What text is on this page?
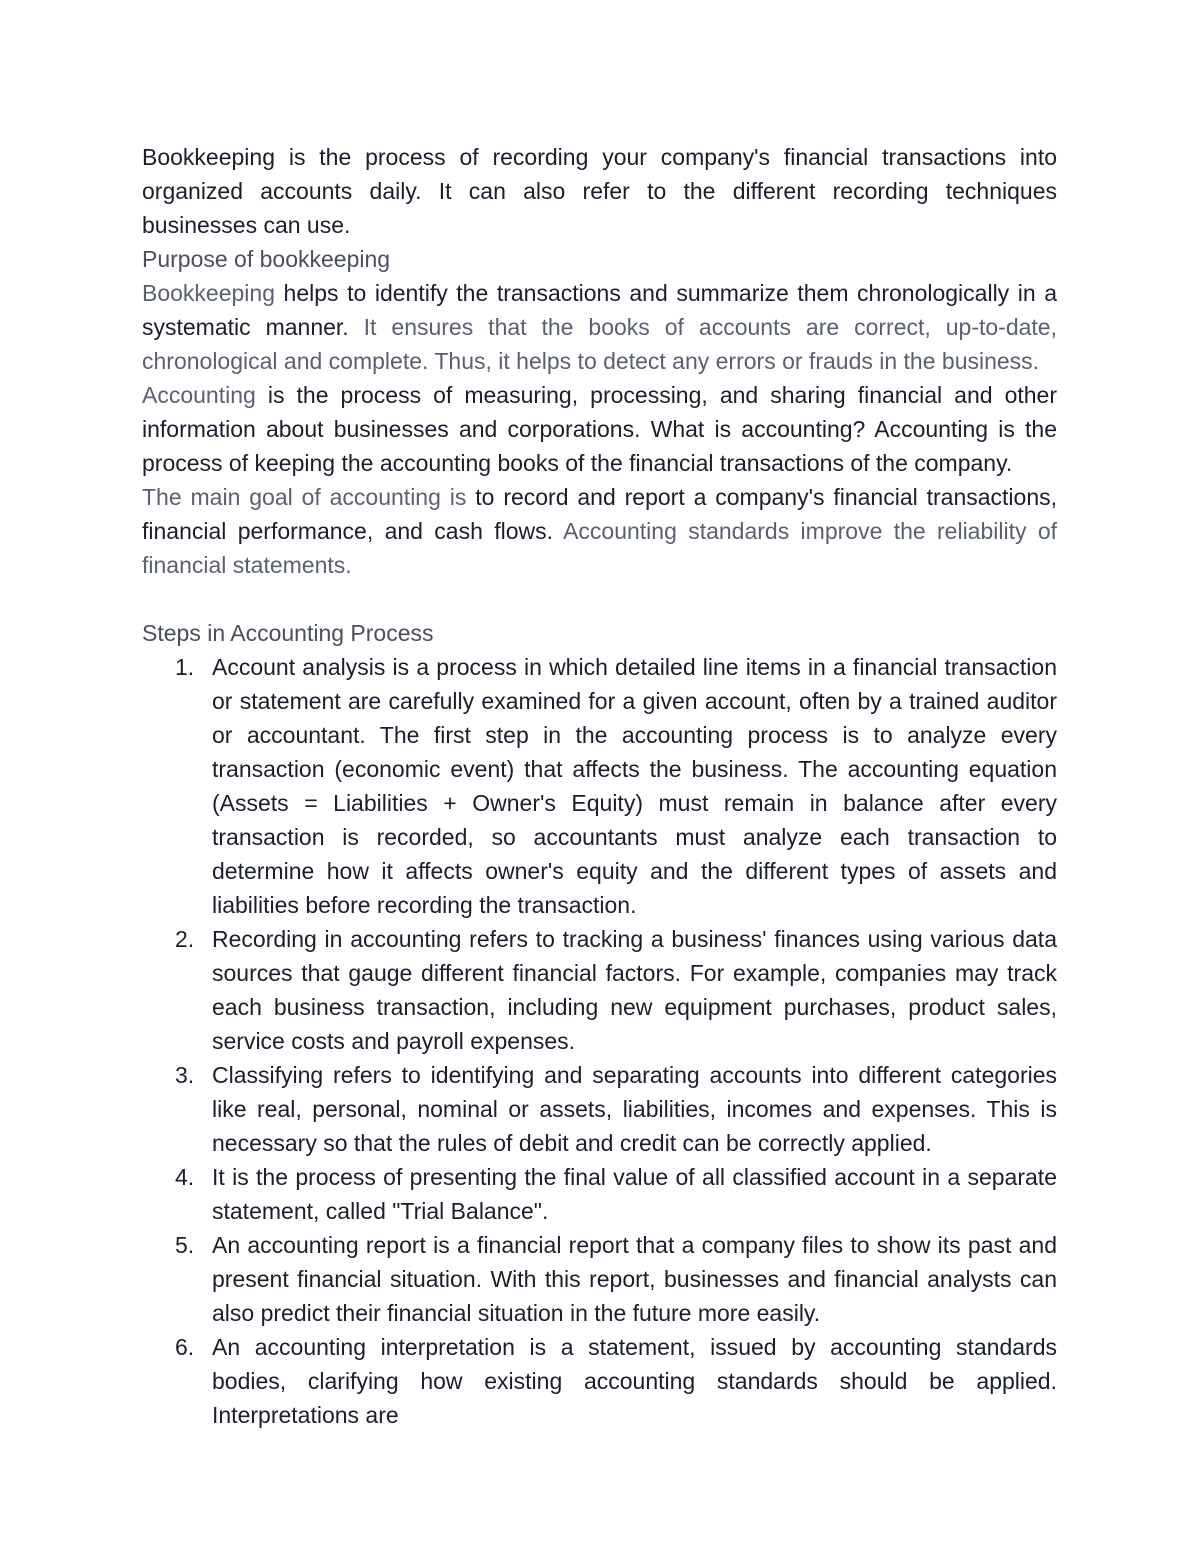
Bookkeeping is the process of recording your company's financial transactions into organized accounts daily. It can also refer to the different recording techniques businesses can use.

Purpose of bookkeeping

Bookkeeping helps to identify the transactions and summarize them chronologically in a systematic manner. It ensures that the books of accounts are correct, up-to-date, chronological and complete. Thus, it helps to detect any errors or frauds in the business.

Accounting is the process of measuring, processing, and sharing financial and other information about businesses and corporations. What is accounting? Accounting is the process of keeping the accounting books of the financial transactions of the company.

The main goal of accounting is to record and report a company's financial transactions, financial performance, and cash flows. Accounting standards improve the reliability of financial statements.

Steps in Accounting Process

1. Account analysis is a process in which detailed line items in a financial transaction or statement are carefully examined for a given account, often by a trained auditor or accountant. The first step in the accounting process is to analyze every transaction (economic event) that affects the business. The accounting equation (Assets = Liabilities + Owner's Equity) must remain in balance after every transaction is recorded, so accountants must analyze each transaction to determine how it affects owner's equity and the different types of assets and liabilities before recording the transaction.
2. Recording in accounting refers to tracking a business' finances using various data sources that gauge different financial factors. For example, companies may track each business transaction, including new equipment purchases, product sales, service costs and payroll expenses.
3. Classifying refers to identifying and separating accounts into different categories like real, personal, nominal or assets, liabilities, incomes and expenses. This is necessary so that the rules of debit and credit can be correctly applied.
4. It is the process of presenting the final value of all classified account in a separate statement, called "Trial Balance".
5. An accounting report is a financial report that a company files to show its past and present financial situation. With this report, businesses and financial analysts can also predict their financial situation in the future more easily.
6. An accounting interpretation is a statement, issued by accounting standards bodies, clarifying how existing accounting standards should be applied. Interpretations are
